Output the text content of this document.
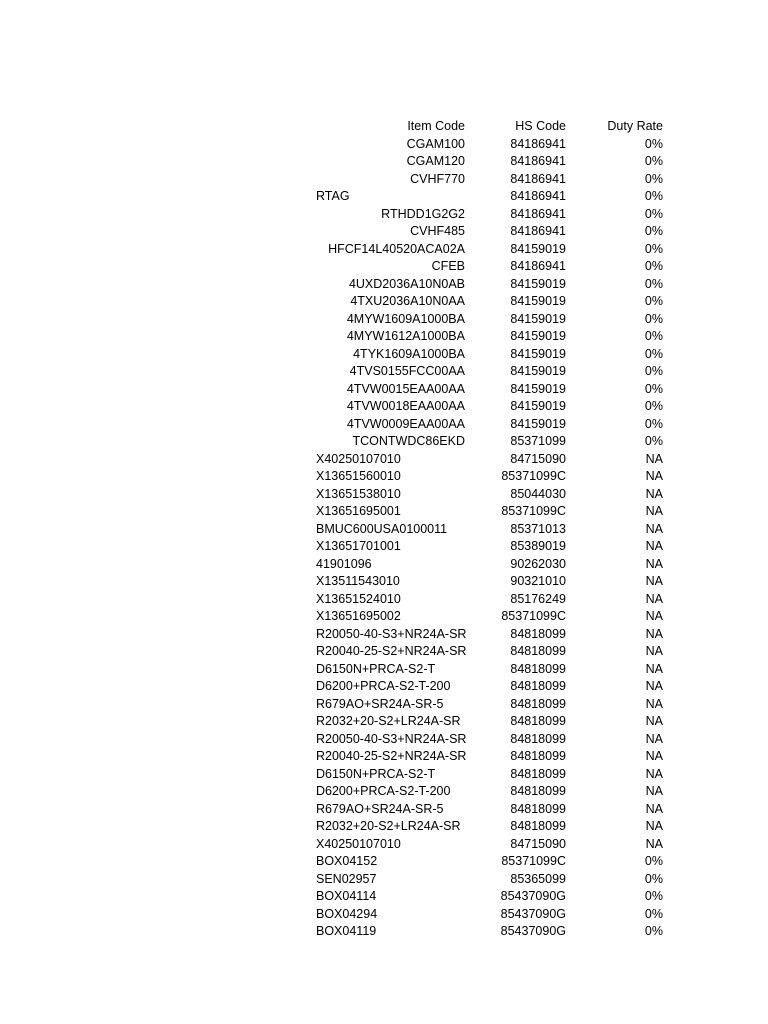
Item Code	HS Code	Duty Rate
CGAM100	84186941	0%
CGAM120	84186941	0%
CVHF770	84186941	0%
RTAG	84186941	0%
RTHDD1G2G2	84186941	0%
CVHF485	84186941	0%
HFCF14L40520ACA02A	84159019	0%
CFEB	84186941	0%
4UXD2036A10N0AB	84159019	0%
4TXU2036A10N0AA	84159019	0%
4MYW1609A1000BA	84159019	0%
4MYW1612A1000BA	84159019	0%
4TYK1609A1000BA	84159019	0%
4TVS0155FCC00AA	84159019	0%
4TVW0015EAA00AA	84159019	0%
4TVW0018EAA00AA	84159019	0%
4TVW0009EAA00AA	84159019	0%
TCONTWDC86EKD	85371099	0%
X40250107010	84715090	NA
X13651560010	85371099C	NA
X13651538010	85044030	NA
X13651695001	85371099C	NA
BMUC600USA0100011	85371013	NA
X13651701001	85389019	NA
41901096	90262030	NA
X13511543010	90321010	NA
X13651524010	85176249	NA
X13651695002	85371099C	NA
R20050-40-S3+NR24A-SR	84818099	NA
R20040-25-S2+NR24A-SR	84818099	NA
D6150N+PRCA-S2-T	84818099	NA
D6200+PRCA-S2-T-200	84818099	NA
R679AO+SR24A-SR-5	84818099	NA
R2032+20-S2+LR24A-SR	84818099	NA
R20050-40-S3+NR24A-SR	84818099	NA
R20040-25-S2+NR24A-SR	84818099	NA
D6150N+PRCA-S2-T	84818099	NA
D6200+PRCA-S2-T-200	84818099	NA
R679AO+SR24A-SR-5	84818099	NA
R2032+20-S2+LR24A-SR	84818099	NA
X40250107010	84715090	NA
BOX04152	85371099C	0%
SEN02957	85365099	0%
BOX04114	85437090G	0%
BOX04294	85437090G	0%
BOX04119	85437090G	0%
